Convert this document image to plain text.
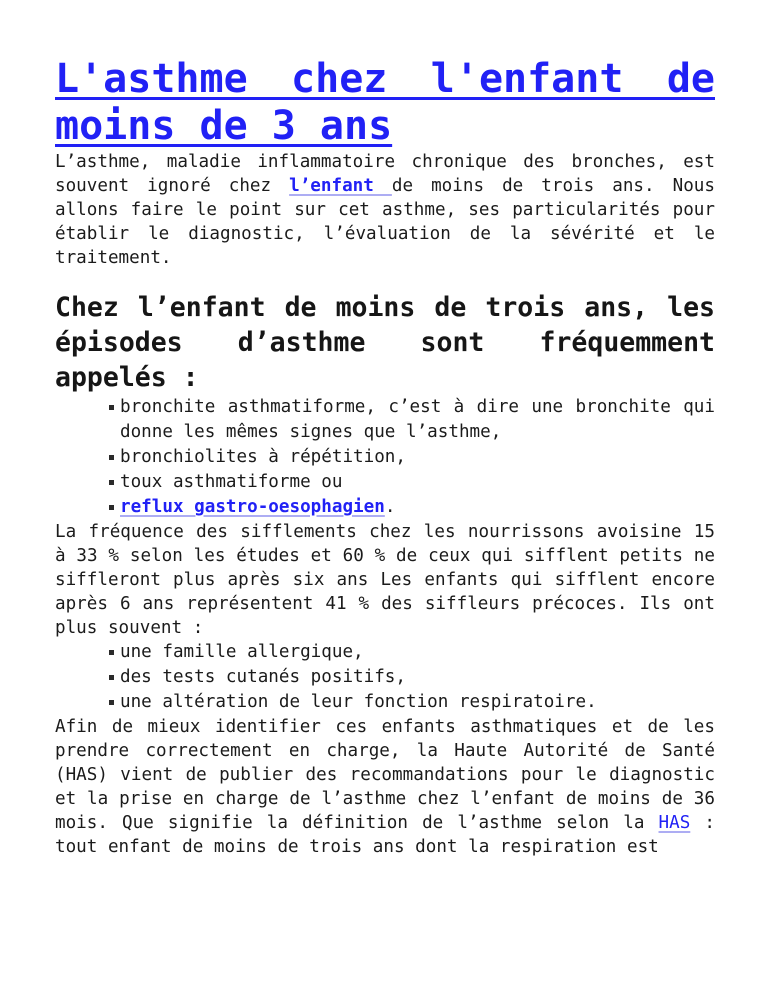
L'asthme chez l'enfant de moins de 3 ans

L’asthme, maladie inflammatoire chronique des bronches, est souvent ignoré chez l’enfant de moins de trois ans. Nous allons faire le point sur cet asthme, ses particularités pour établir le diagnostic, l’évaluation de la sévérité et le traitement.

Chez l’enfant de moins de trois ans, les épisodes d’asthme sont fréquemment appelés :
bronchite asthmatiforme, c’est à dire une bronchite qui donne les mêmes signes que l’asthme,
bronchiolites à répétition,
toux asthmatiforme ou
reflux gastro-oesophagien.

La fréquence des sifflements chez les nourrissons avoisine 15 à 33 % selon les études et 60 % de ceux qui sifflent petits ne siffleront plus après six ans Les enfants qui sifflent encore après 6 ans représentent 41 % des siffleurs précoces. Ils ont plus souvent :

une famille allergique,
des tests cutanés positifs,
une altération de leur fonction respiratoire.

Afin de mieux identifier ces enfants asthmatiques et de les prendre correctement en charge, la Haute Autorité de Santé (HAS) vient de publier des recommandations pour le diagnostic et la prise en charge de l’asthme chez l’enfant de moins de 36 mois. Que signifie la définition de l’asthme selon la HAS : tout enfant de moins de trois ans dont la respiration est
